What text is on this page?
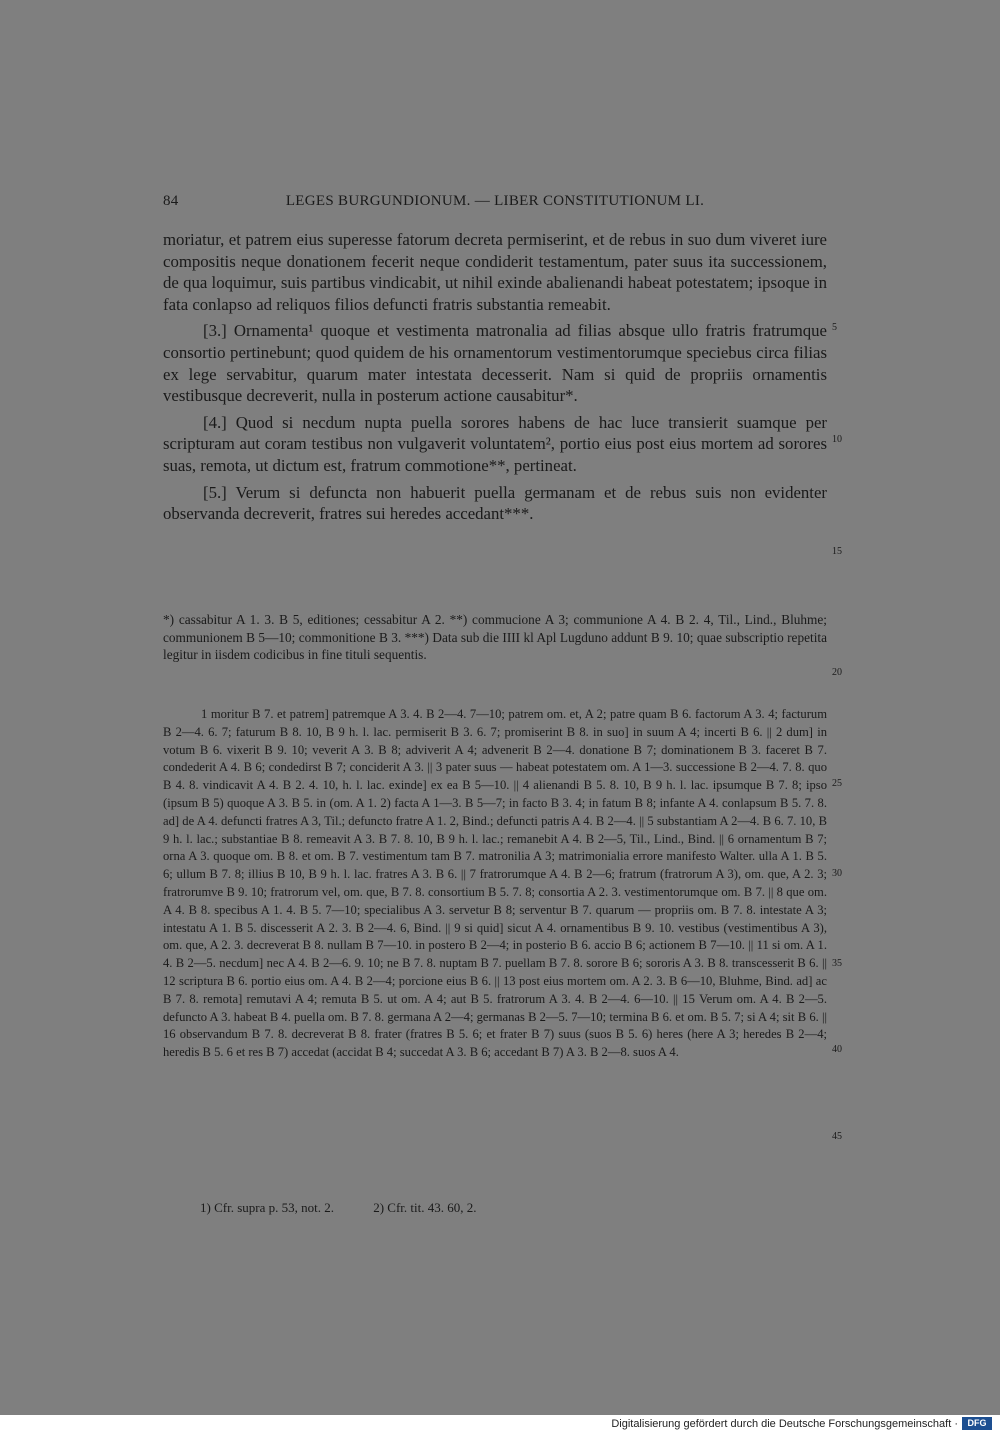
84	LEGES BURGUNDIONUM. — LIBER CONSTITUTIONUM LI.

moriatur, et patrem eius superesse fatorum decreta permiserint, et de rebus in suo dum viveret iure compositis neque donationem fecerit neque condiderit testamentum, pater suus ita successionem, de qua loquimur, suis partibus vindicabit, ut nihil exinde abalienandi habeat potestatem; ipsoque in fata conlapso ad reliquos filios defuncti fratris substantia remeabit.

[3.] Ornamenta¹ quoque et vestimenta matronalia ad filias absque ullo fratris fratrumque consortio pertinebunt; quod quidem de his ornamentorum vestimentorumque speciebus circa filias ex lege servabitur, quarum mater intestata decesserit. Nam si quid de propriis ornamentis vestibusque decreverit, nulla in posterum actione causabitur*.

[4.] Quod si necdum nupta puella sorores habens de hac luce transierit suamque per scripturam aut coram testibus non vulgaverit voluntatem², portio eius post eius mortem ad sorores suas, remota, ut dictum est, fratrum commotione**, pertineat.

[5.] Verum si defuncta non habuerit puella germanam et de rebus suis non evidenter observanda decreverit, fratres sui heredes accedant***.

*) cassabitur A 1. 3. B 5, editiones; cessabitur A 2. **) commucione A 3; communione A 4. B 2. 4, Til., Lind., Bluhme; communionem B 5—10; commonitione B 3. ***) Data sub die IIII kl Apl Lugduno addunt B 9. 10; quae subscriptio repetita legitur in iisdem codicibus in fine tituli sequentis.
1 moritur B 7. et patrem] patremque A 3. 4. B 2—4. 7—10; patrem om. et, A 2; patre quam B 6. factorum A 3. 4; facturum B 2—4. 6. 7; faturum B 8. 10, B 9 h. l. lac. permiserit B 3. 6. 7; promiserint B 8. in suo] in suum A 4; incerti B 6. || 2 dum] in votum B 6. vixerit B 9. 10; veverit A 3. B 8; adviverit A 4; advenerit B 2—4. donatione B 7; dominationem B 3. faceret B 7. condederit A 4. B 6; condedirst B 7; conciderit A 3. || 3 pater suus — habeat potestatem om. A 1—3. successione B 2—4. 7. 8. quo B 4. 8. vindicavit A 4. B 2. 4. 10, h. l. lac. exinde] ex ea B 5—10. || 4 alienandi B 5. 8. 10, B 9 h. l. lac. ipsumque B 7. 8; ipso (ipsum B 5) quoque A 3. B 5. in (om. A 1. 2) facta A 1—3. B 5—7; in facto B 3. 4; in fatum B 8; infante A 4. conlapsum B 5. 7. 8. ad] de A 4. defuncti fratres A 3, Til.; defuncto fratre A 1. 2, Bind.; defuncti patris A 4. B 2—4. || 5 substantiam A 2—4. B 6. 7. 10, B 9 h. l. lac.; substantiae B 8. remeavit A 3. B 7. 8. 10, B 9 h. l. lac.; remanebit A 4. B 2—5, Til., Lind., Bind. || 6 ornamentum B 7; orna A 3. quoque om. B 8. et om. B 7. vestimentum tam B 7. matronilia A 3; matrimonialia errore manifesto Walter. ulla A 1. B 5. 6; ullum B 7. 8; illius B 10, B 9 h. l. lac. fratres A 3. B 6. || 7 fratrorumque A 4. B 2—6; fratrum (fratrorum A 3), om. que, A 2. 3; fratrorumve B 9. 10; fratrorum vel, om. que, B 7. 8. consortium B 5. 7. 8; consortia A 2. 3. vestimentorumque om. B 7. || 8 que om. A 4. B 8. specibus A 1. 4. B 5. 7—10; specialibus A 3. servetur B 8; serventur B 7. quarum — propriis om. B 7. 8. intestate A 3; intestatu A 1. B 5. discesserit A 2. 3. B 2—4. 6, Bind. || 9 si quid] sicut A 4. ornamentibus B 9. 10. vestibus (vestimentibus A 3), om. que, A 2. 3. decreverat B 8. nullam B 7—10. in postero B 2—4; in posterio B 6. accio B 6; actionem B 7—10. || 11 si om. A 1. 4. B 2—5. necdum] nec A 4. B 2—6. 9. 10; ne B 7. 8. nuptam B 7. puellam B 7. 8. sorore B 6; sororis A 3. B 8. transcesserit B 6. || 12 scriptura B 6. portio eius om. A 4. B 2—4; porcione eius B 6. || 13 post eius mortem om. A 2. 3. B 6—10, Bluhme, Bind. ad] ac B 7. 8. remota] remutavi A 4; remuta B 5. ut om. A 4; aut B 5. fratrorum A 3. 4. B 2—4. 6—10. || 15 Verum om. A 4. B 2—5. defuncto A 3. habeat B 4. puella om. B 7. 8. germana A 2—4; germanas B 2—5. 7—10; termina B 6. et om. B 5. 7; si A 4; sit B 6. || 16 observandum B 7. 8. decreverat B 8. frater (fratres B 5. 6; et frater B 7) suus (suos B 5. 6) heres (here A 3; heredes B 2—4; heredis B 5. 6 et res B 7) accedat (accidat B 4; succedat A 3. B 6; accedant B 7) A 3. B 2—8. suos A 4.
1) Cfr. supra p. 53, not. 2.	2) Cfr. tit. 43. 60, 2.
5
10
15
20
25
30
35
40
45
Digitalisierung gefördert durch die Deutsche Forschungsgemeinschaft ·	DFG
